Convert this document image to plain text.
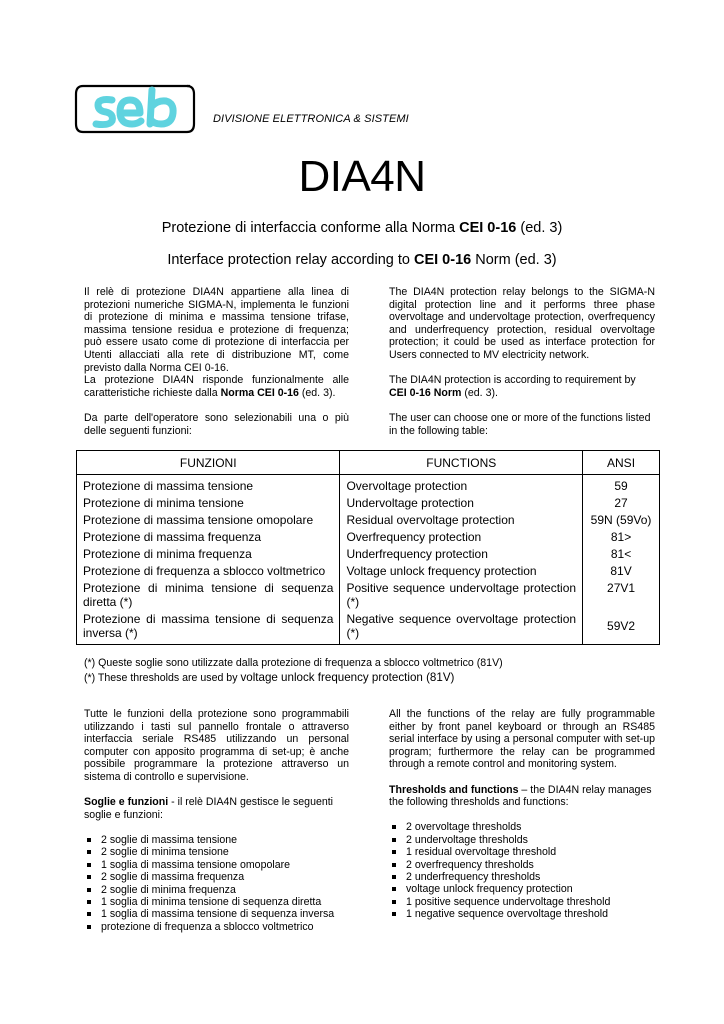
DIVISIONE ELETTRONICA & SISTEMI
DIA4N
Protezione di interfaccia conforme alla Norma CEI 0-16 (ed. 3)
Interface protection relay according to CEI 0-16 Norm (ed. 3)

Il relè di protezione DIA4N appartiene alla linea di protezioni numeriche SIGMA-N, implementa le funzioni di protezione di minima e massima tensione trifase, massima tensione residua e protezione di frequenza; può essere usato come di protezione di interfaccia per Utenti allacciati alla rete di distribuzione MT, come previsto dalla Norma CEI 0-16.
La protezione DIA4N risponde funzionalmente alle caratteristiche richieste dalla Norma CEI 0-16 (ed. 3).

Da parte dell'operatore sono selezionabili una o più delle seguenti funzioni:

The DIA4N protection relay belongs to the SIGMA-N digital protection line and it performs three phase overvoltage and undervoltage protection, overfrequency and underfrequency protection, residual overvoltage protection; it could be used as interface protection for Users connected to MV electricity network.

The DIA4N protection is according to requirement by CEI 0-16 Norm (ed. 3).

The user can choose one or more of the functions listed in the following table:

FUNZIONI	FUNCTIONS	ANSI
Protezione di massima tensione	Overvoltage protection	59
Protezione di minima tensione	Undervoltage protection	27
Protezione di massima tensione omopolare	Residual overvoltage protection	59N (59Vo)
Protezione di massima frequenza	Overfrequency protection	81>
Protezione di minima frequenza	Underfrequency protection	81<
Protezione di frequenza a sblocco voltmetrico	Voltage unlock frequency protection	81V
Protezione di minima tensione di sequenza diretta (*)	Positive sequence undervoltage protection (*)	27V1
Protezione di massima tensione di sequenza inversa (*)	Negative sequence overvoltage protection (*)	59V2
(*) Queste soglie sono utilizzate dalla protezione di frequenza a sblocco voltmetrico (81V)
(*) These thresholds are used by voltage unlock frequency protection (81V)

Tutte le funzioni della protezione sono programmabili utilizzando i tasti sul pannello frontale o attraverso interfaccia seriale RS485 utilizzando un personal computer con apposito programma di set-up; è anche possibile programmare la protezione attraverso un sistema di controllo e supervisione.

Soglie e funzioni - il relè DIA4N gestisce le seguenti soglie e funzioni:

2 soglie di massima tensione
2 soglie di minima tensione
1 soglia di massima tensione omopolare
2 soglie di massima frequenza
2 soglie di minima frequenza
1 soglia di minima tensione di sequenza diretta
1 soglia di massima tensione di sequenza inversa
protezione di frequenza a sblocco voltmetrico

All the functions of the relay are fully programmable either by front panel keyboard or through an RS485 serial interface by using a personal computer with set-up program; furthermore the relay can be programmed through a remote control and monitoring system.

Thresholds and functions – the DIA4N relay manages the following thresholds and functions:

2 overvoltage thresholds
2 undervoltage thresholds
1 residual overvoltage threshold
2 overfrequency thresholds
2 underfrequency thresholds
voltage unlock frequency protection
1 positive sequence undervoltage threshold
1 negative sequence overvoltage threshold
